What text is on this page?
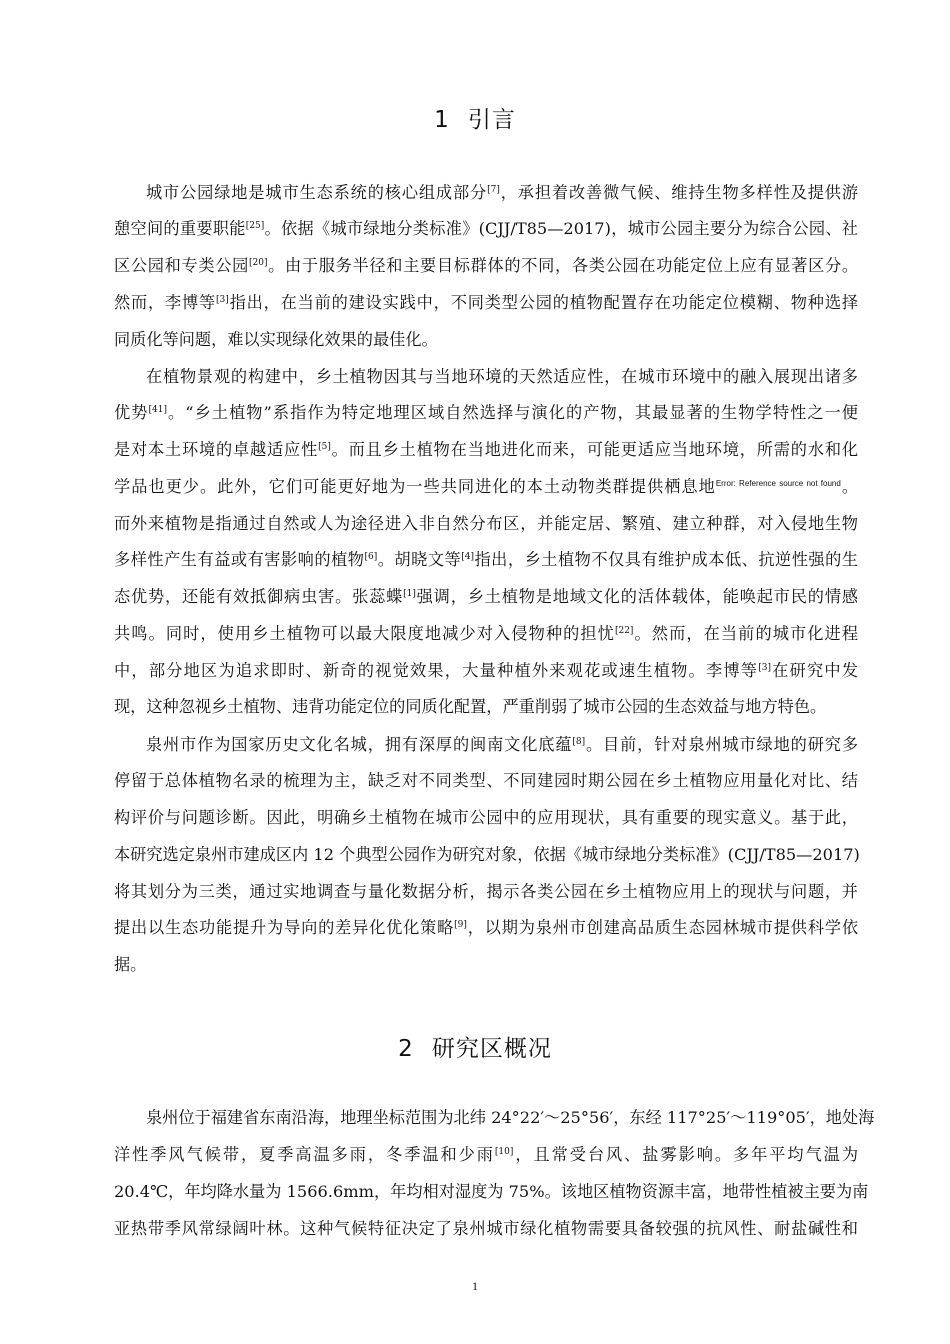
1 引言
城市公园绿地是城市生态系统的核心组成部分[7]，承担着改善微气候、维持生物多样性及提供游
憩空间的重要职能[25]。依据《城市绿地分类标准》(CJJ/T85—2017)，城市公园主要分为综合公园、社
区公园和专类公园[20]。由于服务半径和主要目标群体的不同，各类公园在功能定位上应有显著区分。
然而，李博等[3]指出，在当前的建设实践中，不同类型公园的植物配置存在功能定位模糊、物种选择
同质化等问题，难以实现绿化效果的最佳化。
在植物景观的构建中，乡土植物因其与当地环境的天然适应性，在城市环境中的融入展现出诸多
优势[41]。“乡土植物”系指作为特定地理区域自然选择与演化的产物，其最显著的生物学特性之一便
是对本土环境的卓越适应性[5]。而且乡土植物在当地进化而来，可能更适应当地环境，所需的水和化
学品也更少。此外，它们可能更好地为一些共同进化的本土动物类群提供栖息地$^{Error: Reference source not found}$。
而外来植物是指通过自然或人为途径进入非自然分布区，并能定居、繁殖、建立种群，对入侵地生物
多样性产生有益或有害影响的植物[6]。胡晓文等[4]指出，乡土植物不仅具有维护成本低、抗逆性强的生
态优势，还能有效抵御病虫害。张蕊蝶[1]强调，乡土植物是地域文化的活体载体，能唤起市民的情感
共鸣。同时，使用乡土植物可以最大限度地减少对入侵物种的担忧[22]。然而，在当前的城市化进程
中，部分地区为追求即时、新奇的视觉效果，大量种植外来观花或速生植物。李博等[3]在研究中发
现，这种忽视乡土植物、违背功能定位的同质化配置，严重削弱了城市公园的生态效益与地方特色。
泉州市作为国家历史文化名城，拥有深厚的闽南文化底蕴[8]。目前，针对泉州城市绿地的研究多
停留于总体植物名录的梳理为主，缺乏对不同类型、不同建园时期公园在乡土植物应用量化对比、结
构评价与问题诊断。因此，明确乡土植物在城市公园中的应用现状，具有重要的现实意义。基于此，
本研究选定泉州市建成区内 12 个典型公园作为研究对象，依据《城市绿地分类标准》(CJJ/T85—2017)
将其划分为三类，通过实地调查与量化数据分析，揭示各类公园在乡土植物应用上的现状与问题，并
提出以生态功能提升为导向的差异化优化策略[9]，以期为泉州市创建高品质生态园林城市提供科学依
据。
2 研究区概况
泉州位于福建省东南沿海，地理坐标范围为北纬 24°22′～25°56′，东经 117°25′～119°05′，地处海
洋性季风气候带，夏季高温多雨，冬季温和少雨[10]，且常受台风、盐雾影响。多年平均气温为
20.4℃，年均降水量为 1566.6mm，年均相对湿度为 75%。该地区植物资源丰富，地带性植被主要为南
亚热带季风常绿阔叶林。这种气候特征决定了泉州城市绿化植物需要具备较强的抗风性、耐盐碱性和
1
